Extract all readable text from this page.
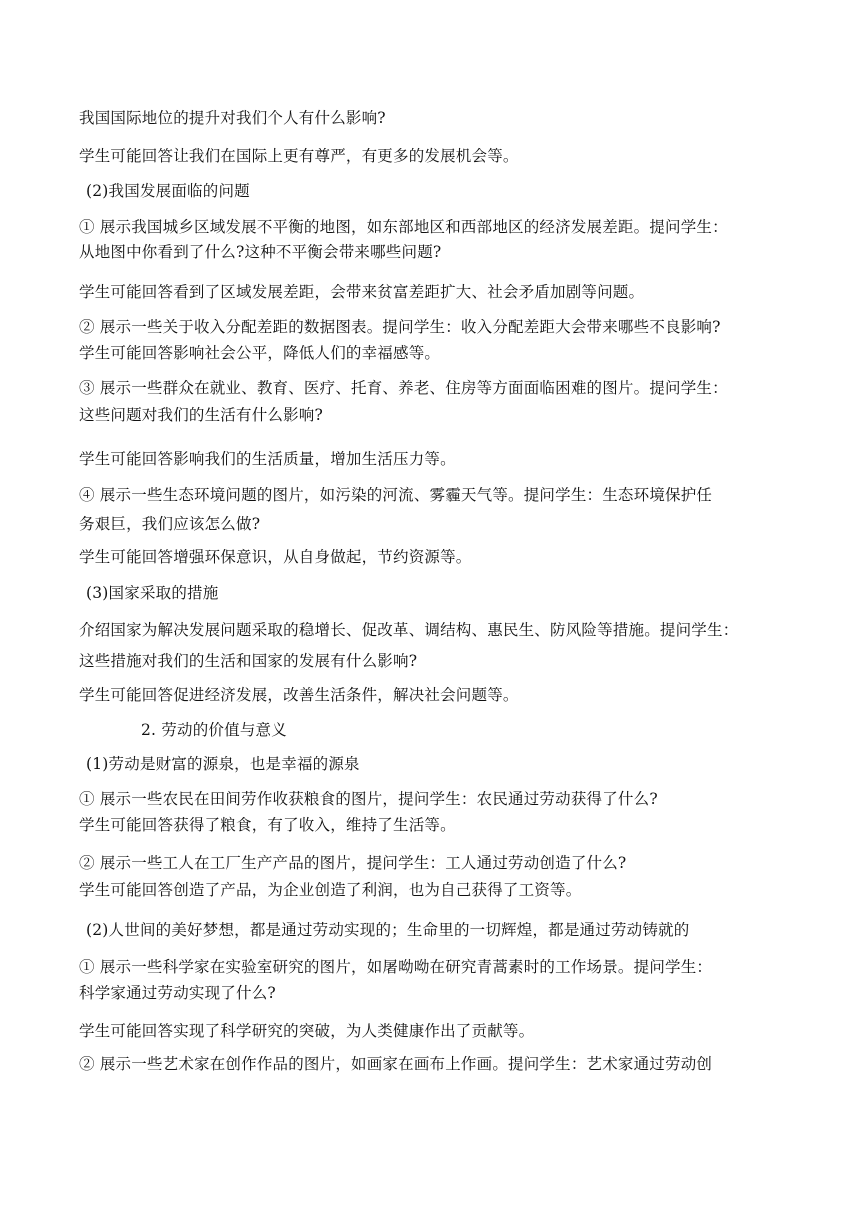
我国国际地位的提升对我们个人有什么影响?
学生可能回答让我们在国际上更有尊严，有更多的发展机会等。
(2)我国发展面临的问题
① 展示我国城乡区域发展不平衡的地图，如东部地区和西部地区的经济发展差距。提问学生：
从地图中你看到了什么?这种不平衡会带来哪些问题?
学生可能回答看到了区域发展差距，会带来贫富差距扩大、社会矛盾加剧等问题。
② 展示一些关于收入分配差距的数据图表。提问学生：收入分配差距大会带来哪些不良影响?
学生可能回答影响社会公平，降低人们的幸福感等。
③ 展示一些群众在就业、教育、医疗、托育、养老、住房等方面面临困难的图片。提问学生：
这些问题对我们的生活有什么影响?
学生可能回答影响我们的生活质量，增加生活压力等。
④ 展示一些生态环境问题的图片，如污染的河流、雾霾天气等。提问学生：生态环境保护任
务艰巨，我们应该怎么做?
学生可能回答增强环保意识，从自身做起，节约资源等。
(3)国家采取的措施
介绍国家为解决发展问题采取的稳增长、促改革、调结构、惠民生、防风险等措施。提问学生：
这些措施对我们的生活和国家的发展有什么影响?
学生可能回答促进经济发展，改善生活条件，解决社会问题等。
2. 劳动的价值与意义
(1)劳动是财富的源泉，也是幸福的源泉
① 展示一些农民在田间劳作收获粮食的图片，提问学生：农民通过劳动获得了什么?
学生可能回答获得了粮食，有了收入，维持了生活等。
② 展示一些工人在工厂生产产品的图片，提问学生：工人通过劳动创造了什么?
学生可能回答创造了产品，为企业创造了利润，也为自己获得了工资等。
(2)人世间的美好梦想，都是通过劳动实现的；生命里的一切辉煌，都是通过劳动铸就的
① 展示一些科学家在实验室研究的图片，如屠呦呦在研究青蒿素时的工作场景。提问学生：
科学家通过劳动实现了什么?
学生可能回答实现了科学研究的突破，为人类健康作出了贡献等。
② 展示一些艺术家在创作作品的图片，如画家在画布上作画。提问学生：艺术家通过劳动创
